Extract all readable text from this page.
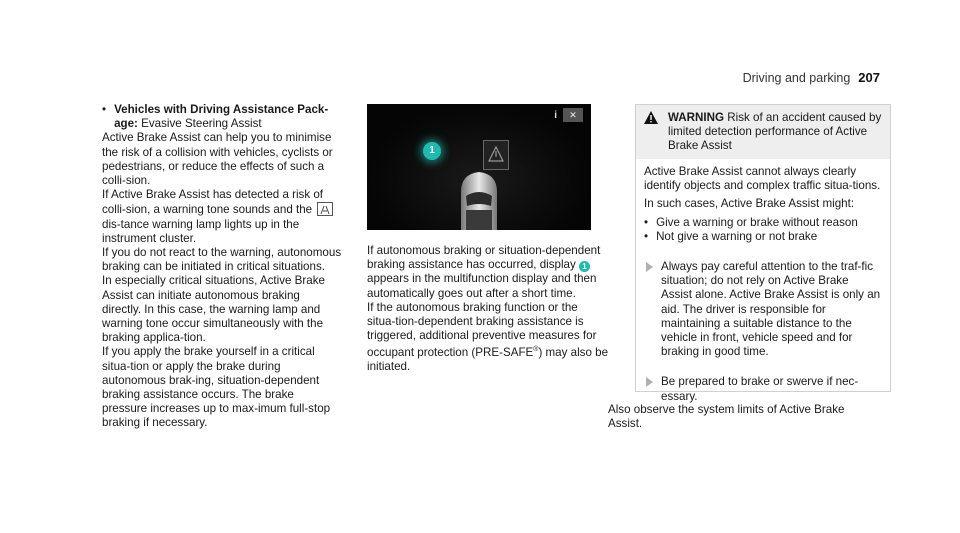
Driving and parking 207
• Vehicles with Driving Assistance Pack-age: Evasive Steering Assist

Active Brake Assist can help you to minimise the risk of a collision with vehicles, cyclists or pedestrians, or reduce the effects of such a colli-sion.

If Active Brake Assist has detected a risk of colli-sion, a warning tone sounds and the  dis-tance warning lamp lights up in the instrument cluster.

If you do not react to the warning, autonomous braking can be initiated in critical situations.

In especially critical situations, Active Brake Assist can initiate autonomous braking directly. In this case, the warning lamp and warning tone occur simultaneously with the braking applica-tion.

If you apply the brake yourself in a critical situa-tion or apply the brake during autonomous brak-ing, situation-dependent braking assistance occurs. The brake pressure increases up to max-imum full-stop braking if necessary.

i	✕
1

If autonomous braking or situation-dependent braking assistance has occurred, display 1 appears in the multifunction display and then automatically goes out after a short time.

If the autonomous braking function or the situa-tion-dependent braking assistance is triggered, additional preventive measures for occupant protection (PRE-SAFE®) may also be initiated.

WARNING Risk of an accident caused by limited detection performance of Active Brake Assist

Active Brake Assist cannot always clearly identify objects and complex traffic situa-tions.

In such cases, Active Brake Assist might:

• Give a warning or brake without reason
• Not give a warning or not brake
Always pay careful attention to the traf-fic situation; do not rely on Active Brake Assist alone. Active Brake Assist is only an aid. The driver is responsible for maintaining a suitable distance to the vehicle in front, vehicle speed and for braking in good time.
Be prepared to brake or swerve if nec-essary.

Also observe the system limits of Active Brake Assist.
